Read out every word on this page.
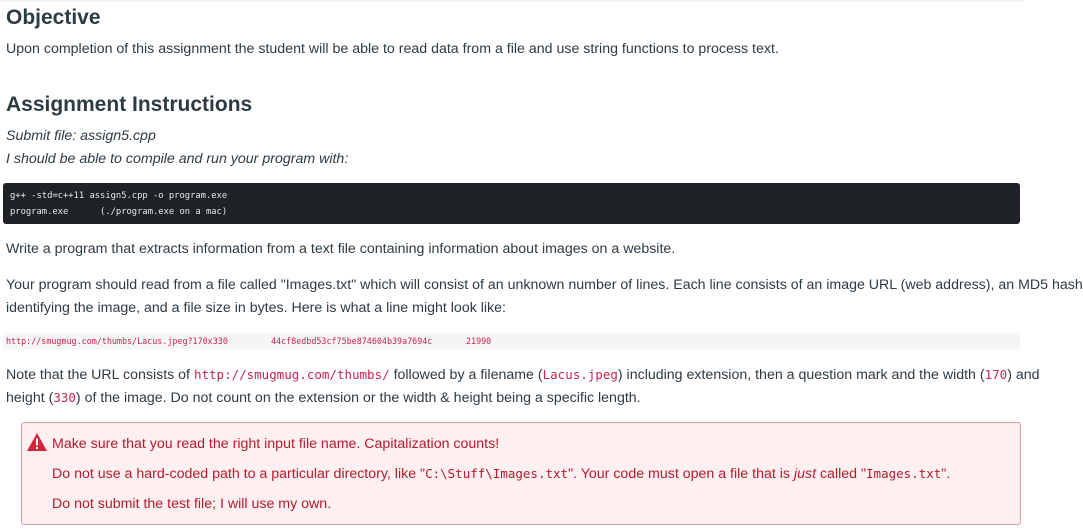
Objective

Upon completion of this assignment the student will be able to read data from a file and use string functions to process text.

Assignment Instructions

Submit file: assign5.cpp

I should be able to compile and run your program with:

g++ -std=c++11 assign5.cpp -o program.exe
program.exe      (./program.exe on a mac)

Write a program that extracts information from a text file containing information about images on a website.

Your program should read from a file called "Images.txt" which will consist of an unknown number of lines. Each line consists of an image URL (web address), an MD5 hash

identifying the image, and a file size in bytes. Here is what a line might look like:

http://smugmug.com/thumbs/Lacus.jpeg?170x330	44cf8edbd53cf75be874604b39a7694c	21990

Note that the URL consists of http://smugmug.com/thumbs/ followed by a filename (Lacus.jpeg) including extension, then a question mark and the width (170) and

height (330) of the image. Do not count on the extension or the width & height being a specific length.

Make sure that you read the right input file name. Capitalization counts!
Do not use a hard-coded path to a particular directory, like "C:\Stuff\Images.txt". Your code must open a file that is just called "Images.txt".
Do not submit the test file; I will use my own.
